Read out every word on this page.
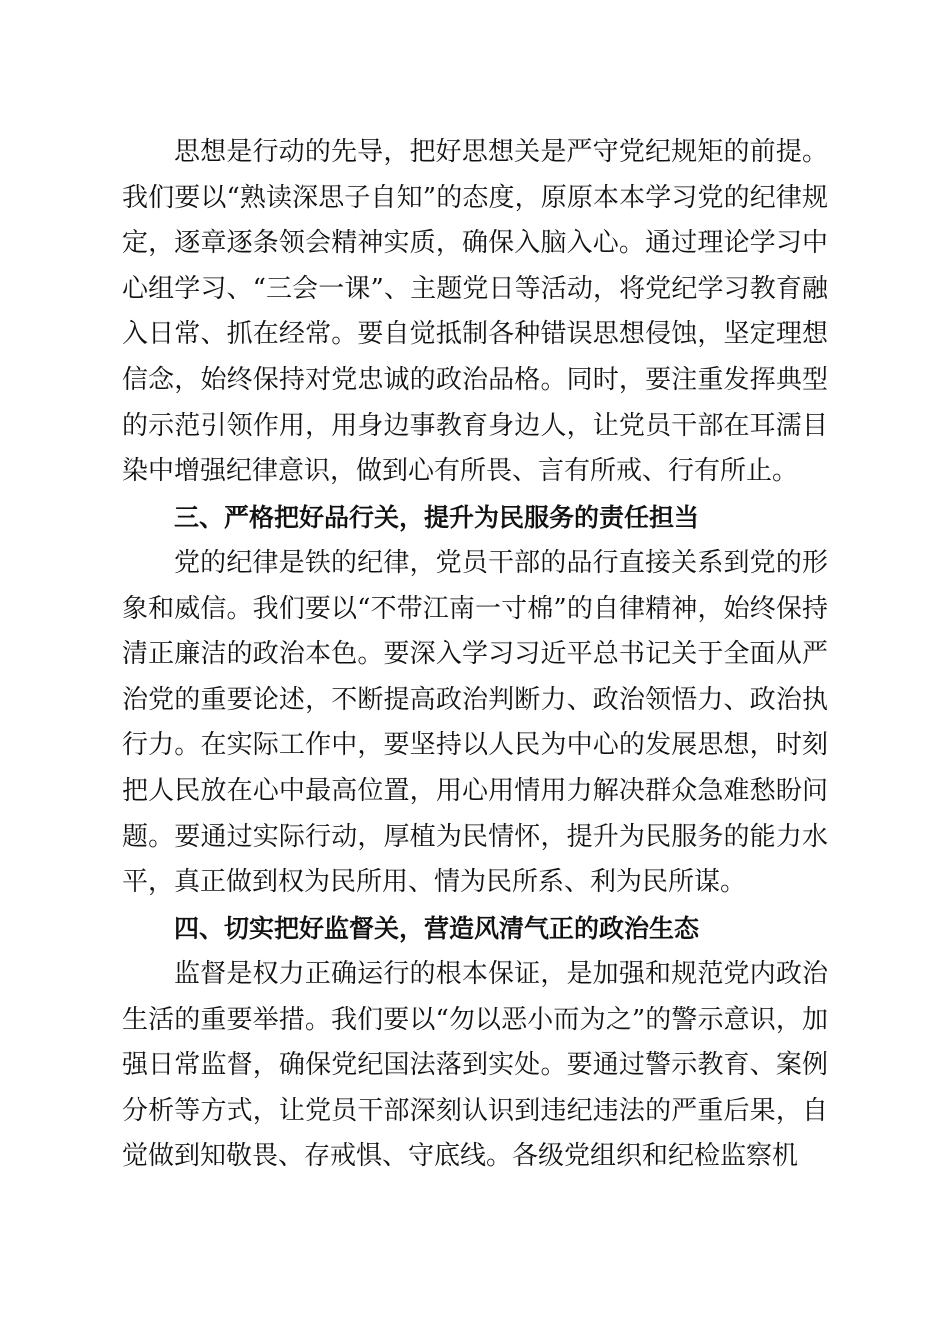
思想是行动的先导，把好思想关是严守党纪规矩的前提。我们要以“熟读深思子自知”的态度，原原本本学习党的纪律规定，逐章逐条领会精神实质，确保入脑入心。通过理论学习中心组学习、“三会一课”、主题党日等活动，将党纪学习教育融入日常、抓在经常。要自觉抵制各种错误思想侵蚀，坚定理想信念，始终保持对党忠诚的政治品格。同时，要注重发挥典型的示范引领作用，用身边事教育身边人，让党员干部在耳濡目染中增强纪律意识，做到心有所畏、言有所戒、行有所止。

三、严格把好品行关，提升为民服务的责任担当

党的纪律是铁的纪律，党员干部的品行直接关系到党的形象和威信。我们要以“不带江南一寸棉”的自律精神，始终保持清正廉洁的政治本色。要深入学习习近平总书记关于全面从严治党的重要论述，不断提高政治判断力、政治领悟力、政治执行力。在实际工作中，要坚持以人民为中心的发展思想，时刻把人民放在心中最高位置，用心用情用力解决群众急难愁盼问题。要通过实际行动，厚植为民情怀，提升为民服务的能力水平，真正做到权为民所用、情为民所系、利为民所谋。

四、切实把好监督关，营造风清气正的政治生态

监督是权力正确运行的根本保证，是加强和规范党内政治生活的重要举措。我们要以“勿以恶小而为之”的警示意识，加强日常监督，确保党纪国法落到实处。要通过警示教育、案例分析等方式，让党员干部深刻认识到违纪违法的严重后果，自觉做到知敬畏、存戒惧、守底线。各级党组织和纪检监察机
